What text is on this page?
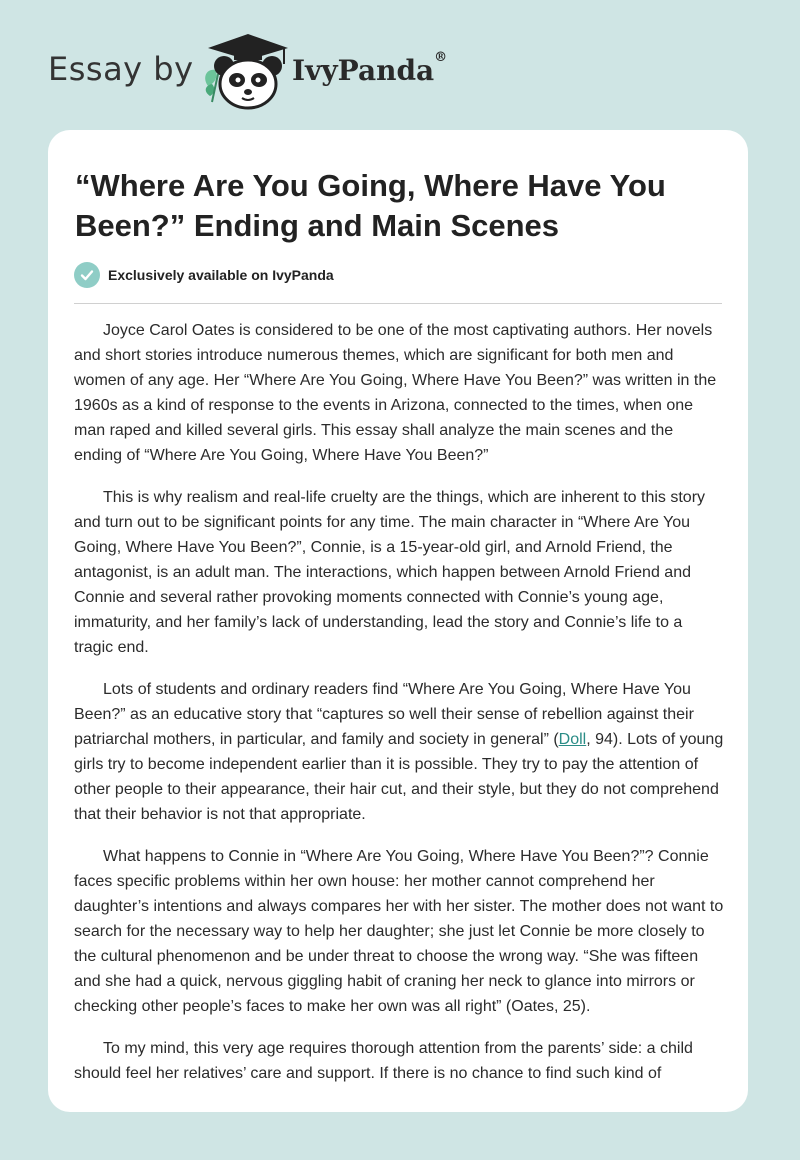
Essay by	IvyPanda®
“Where Are You Going, Where Have You Been?” Ending and Main Scenes
Exclusively available on IvyPanda

Joyce Carol Oates is considered to be one of the most captivating authors. Her novels and short stories introduce numerous themes, which are significant for both men and women of any age. Her “Where Are You Going, Where Have You Been?” was written in the 1960s as a kind of response to the events in Arizona, connected to the times, when one man raped and killed several girls. This essay shall analyze the main scenes and the ending of “Where Are You Going, Where Have You Been?”

This is why realism and real-life cruelty are the things, which are inherent to this story and turn out to be significant points for any time. The main character in “Where Are You Going, Where Have You Been?”, Connie, is a 15-year-old girl, and Arnold Friend, the antagonist, is an adult man. The interactions, which happen between Arnold Friend and Connie and several rather provoking moments connected with Connie’s young age, immaturity, and her family’s lack of understanding, lead the story and Connie’s life to a tragic end.

Lots of students and ordinary readers find “Where Are You Going, Where Have You Been?” as an educative story that “captures so well their sense of rebellion against their patriarchal mothers, in particular, and family and society in general” (Doll, 94). Lots of young girls try to become independent earlier than it is possible. They try to pay the attention of other people to their appearance, their hair cut, and their style, but they do not comprehend that their behavior is not that appropriate.

What happens to Connie in “Where Are You Going, Where Have You Been?”? Connie faces specific problems within her own house: her mother cannot comprehend her daughter’s intentions and always compares her with her sister. The mother does not want to search for the necessary way to help her daughter; she just let Connie be more closely to the cultural phenomenon and be under threat to choose the wrong way. “She was fifteen and she had a quick, nervous giggling habit of craning her neck to glance into mirrors or checking other people’s faces to make her own was all right” (Oates, 25).

To my mind, this very age requires thorough attention from the parents’ side: a child should feel her relatives’ care and support. If there is no chance to find such kind of
